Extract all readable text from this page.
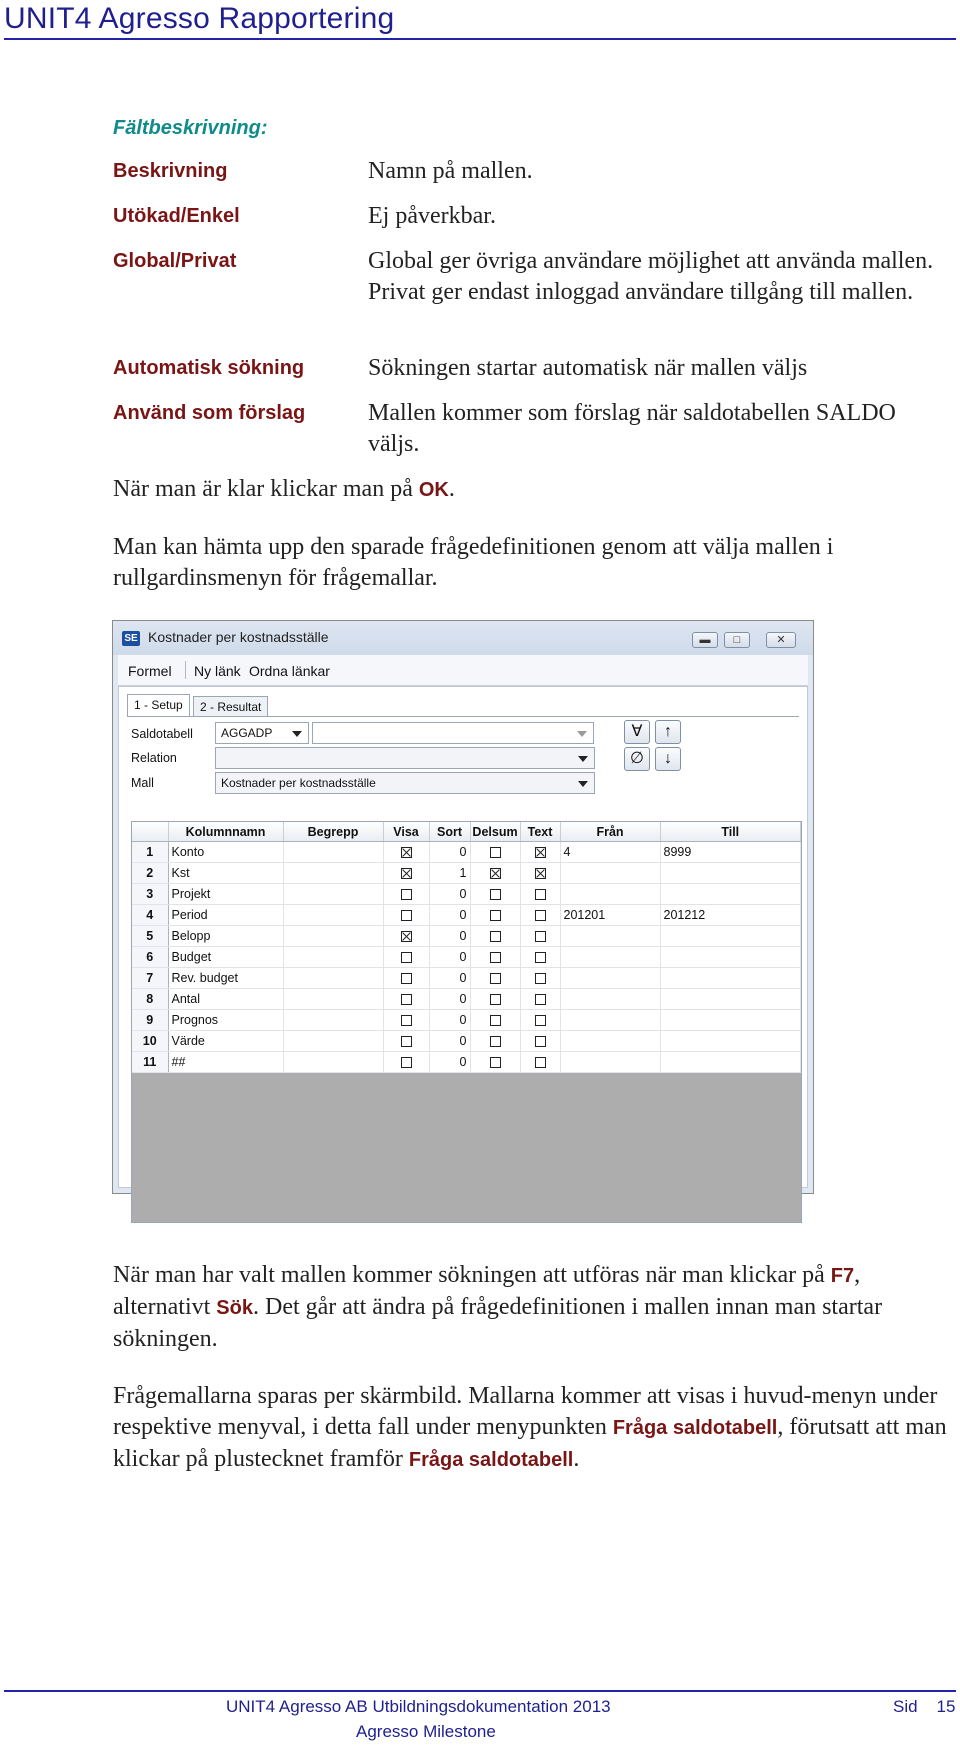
UNIT4 Agresso Rapportering
Fältbeskrivning:
Beskrivning	Namn på mallen.
Utökad/Enkel	Ej påverkbar.
Global/Privat	Global ger övriga användare möjlighet att använda mallen. Privat ger endast inloggad användare tillgång till mallen.
Automatisk sökning	Sökningen startar automatisk när mallen väljs
Använd som förslag	Mallen kommer som förslag när saldotabellen SALDO väljs.
När man är klar klickar man på OK.
Man kan hämta upp den sparade frågedefinitionen genom att välja mallen i rullgardinsmenyn för frågemallar.
SE Kostnader per kostnadsställe	▬	□	✕
Formel Ny länk Ordna länkar
1 - Setup	2 - Resultat
Saldotabell	AGGADP
Relation
Mall	Kostnader per kostnadsställe
∀	↑
∅	↓
	Kolumnnamn	Begrepp	Visa	Sort	Delsum	Text	Från	Till
1	Konto			0			4	8999
2	Kst			1				
3	Projekt			0				
4	Period			0			201201	201212
5	Belopp			0				
6	Budget			0				
7	Rev. budget			0				
8	Antal			0				
9	Prognos			0				
10	Värde			0				
11	##			0				
När man har valt mallen kommer sökningen att utföras när man klickar på F7, alternativt Sök. Det går att ändra på frågedefinitionen i mallen innan man startar sökningen.
Frågemallarna sparas per skärmbild. Mallarna kommer att visas i huvud-menyn under respektive menyval, i detta fall under menypunkten Fråga saldotabell, förutsatt att man klickar på plustecknet framför Fråga saldotabell.
UNIT4 Agresso AB Utbildningsdokumentation 2013
Agresso Milestone
Sid 15
